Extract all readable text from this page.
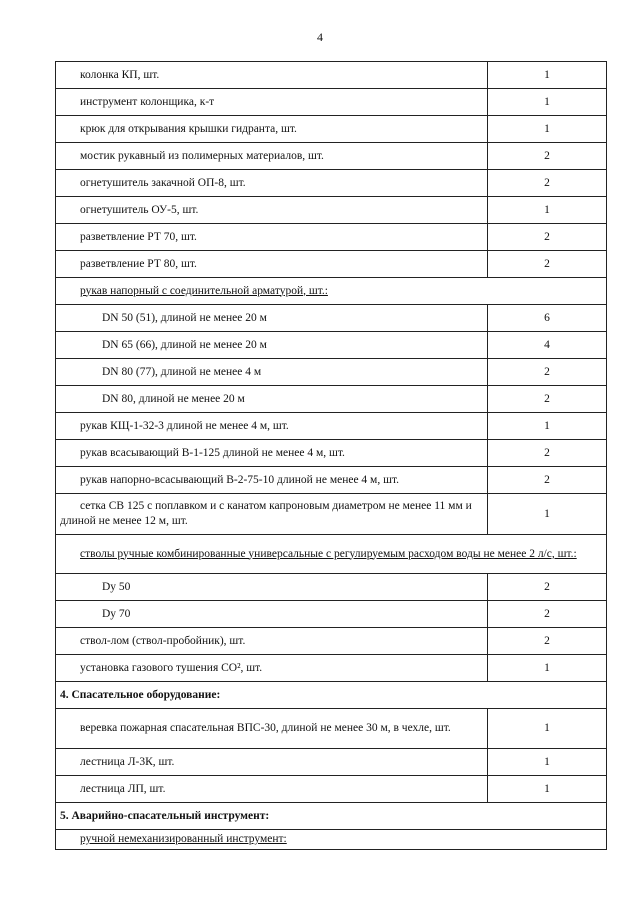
4
колонка КП, шт.	1
инструмент колонщика, к-т	1
крюк для открывания крышки гидранта, шт.	1
мостик рукавный из полимерных материалов, шт.	2
огнетушитель закачной ОП-8, шт.	2
огнетушитель ОУ-5, шт.	1
разветвление РТ 70, шт.	2
разветвление РТ 80, шт.	2
рукав напорный с соединительной арматурой, шт.:	
DN 50 (51), длиной не менее 20 м	6
DN 65 (66), длиной не менее 20 м	4
DN 80 (77), длиной не менее 4 м	2
DN 80, длиной не менее 20 м	2
рукав КЩ-1-32-3 длиной не менее 4 м, шт.	1
рукав всасывающий В-1-125 длиной не менее 4 м, шт.	2
рукав напорно-всасывающий В-2-75-10 длиной не менее 4 м, шт.	2

сетка СВ 125 с поплавком и с канатом капроновым диаметром не менее 11 мм и длиной не менее 12 м, шт.	1

стволы ручные комбинированные универсальные с регулируемым расходом воды не менее 2 л/с, шт.:	

Dy 50	2
Dy 70	2
ствол-лом (ствол-пробойник), шт.	2
установка газового тушения СО², шт.	1
4. Спасательное оборудование:	

веревка пожарная спасательная ВПС-30, длиной не менее 30 м, в чехле, шт.	1
лестница Л-3К, шт.	1
лестница ЛП, шт.	1
5. Аварийно-спасательный инструмент:	
ручной немеханизированный инструмент:	
